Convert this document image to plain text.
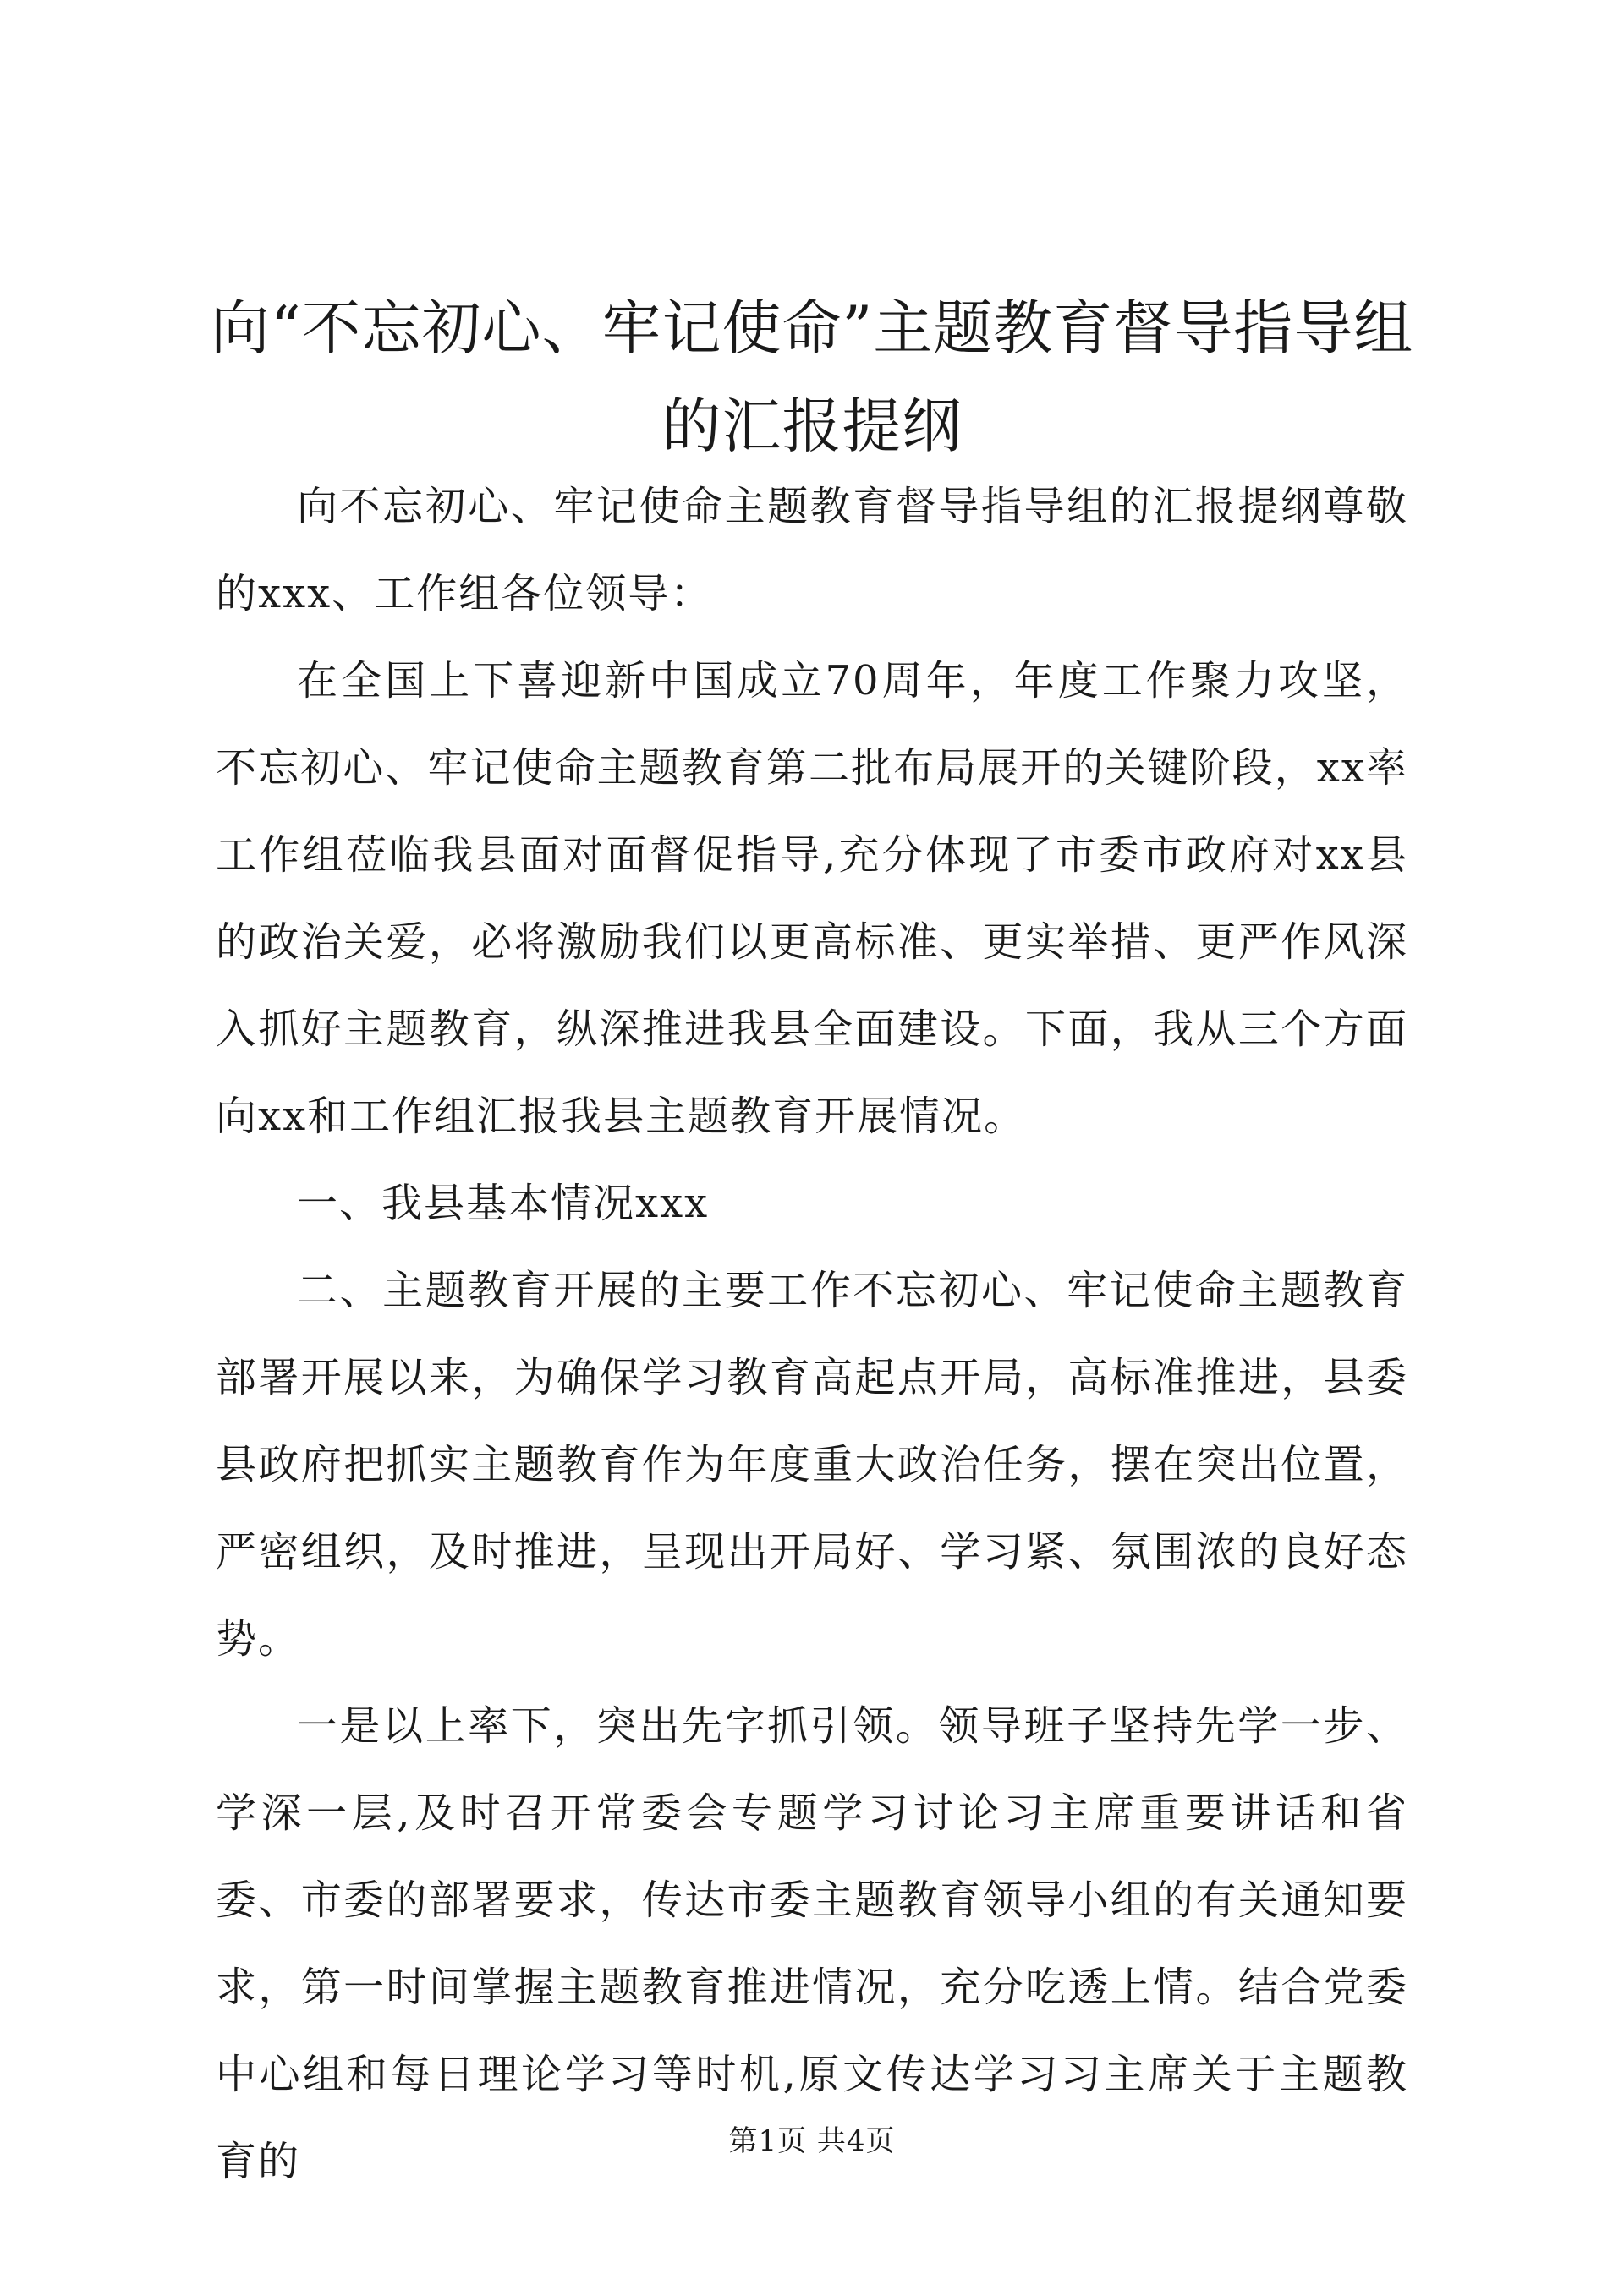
向“不忘初心、牢记使命”主题教育督导指导组的汇报提纲

向不忘初心、牢记使命主题教育督导指导组的汇报提纲尊敬的xxx、工作组各位领导：

在全国上下喜迎新中国成立70周年，年度工作聚力攻坚，不忘初心、牢记使命主题教育第二批布局展开的关键阶段，xx率工作组莅临我县面对面督促指导,充分体现了市委市政府对xx县的政治关爱，必将激励我们以更高标准、更实举措、更严作风深入抓好主题教育，纵深推进我县全面建设。下面，我从三个方面向xx和工作组汇报我县主题教育开展情况。

一、我县基本情况xxx

二、主题教育开展的主要工作不忘初心、牢记使命主题教育部署开展以来，为确保学习教育高起点开局，高标准推进，县委县政府把抓实主题教育作为年度重大政治任务，摆在突出位置，严密组织，及时推进，呈现出开局好、学习紧、氛围浓的良好态势。

一是以上率下，突出先字抓引领。领导班子坚持先学一步、学深一层,及时召开常委会专题学习讨论习主席重要讲话和省委、市委的部署要求，传达市委主题教育领导小组的有关通知要求，第一时间掌握主题教育推进情况，充分吃透上情。结合党委中心组和每日理论学习等时机,原文传达学习习主席关于主题教育的	第1页 共4页
